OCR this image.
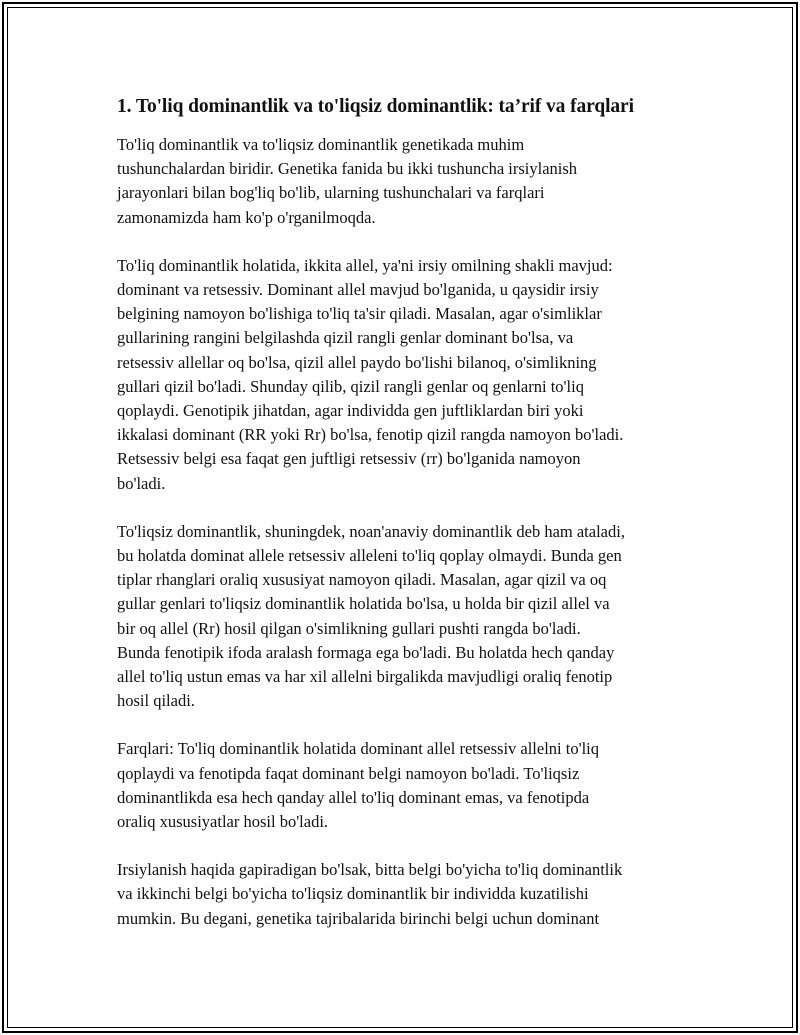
1. To'liq dominantlik va to'liqsiz dominantlik: ta’rif va farqlari
To'liq dominantlik va to'liqsiz dominantlik genetikada muhim
tushunchalardan biridir. Genetika fanida bu ikki tushuncha irsiylanish
jarayonlari bilan bog'liq bo'lib, ularning tushunchalari va farqlari
zamonamizda ham ko'p o'rganilmoqda.
To'liq dominantlik holatida, ikkita allel, ya'ni irsiy omilning shakli mavjud:
dominant va retsessiv. Dominant allel mavjud bo'lganida, u qaysidir irsiy
belgining namoyon bo'lishiga to'liq ta'sir qiladi. Masalan, agar o'simliklar
gullarining rangini belgilashda qizil rangli genlar dominant bo'lsa, va
retsessiv allellar oq bo'lsa, qizil allel paydo bo'lishi bilanoq, o'simlikning
gullari qizil bo'ladi. Shunday qilib, qizil rangli genlar oq genlarni to'liq
qoplaydi. Genotipik jihatdan, agar individda gen juftliklardan biri yoki
ikkalasi dominant (RR yoki Rr) bo'lsa, fenotip qizil rangda namoyon bo'ladi.
Retsessiv belgi esa faqat gen juftligi retsessiv (rr) bo'lganida namoyon
bo'ladi.
To'liqsiz dominantlik, shuningdek, noan'anaviy dominantlik deb ham ataladi,
bu holatda dominat allele retsessiv alleleni to'liq qoplay olmaydi. Bunda gen
tiplar rhanglari oraliq xususiyat namoyon qiladi. Masalan, agar qizil va oq
gullar genlari to'liqsiz dominantlik holatida bo'lsa, u holda bir qizil allel va
bir oq allel (Rr) hosil qilgan o'simlikning gullari pushti rangda bo'ladi.
Bunda fenotipik ifoda aralash formaga ega bo'ladi. Bu holatda hech qanday
allel to'liq ustun emas va har xil allelni birgalikda mavjudligi oraliq fenotip
hosil qiladi.
Farqlari: To'liq dominantlik holatida dominant allel retsessiv allelni to'liq
qoplaydi va fenotipda faqat dominant belgi namoyon bo'ladi. To'liqsiz
dominantlikda esa hech qanday allel to'liq dominant emas, va fenotipda
oraliq xususiyatlar hosil bo'ladi.
Irsiylanish haqida gapiradigan bo'lsak, bitta belgi bo'yicha to'liq dominantlik
va ikkinchi belgi bo'yicha to'liqsiz dominantlik bir individda kuzatilishi
mumkin. Bu degani, genetika tajribalarida birinchi belgi uchun dominant
